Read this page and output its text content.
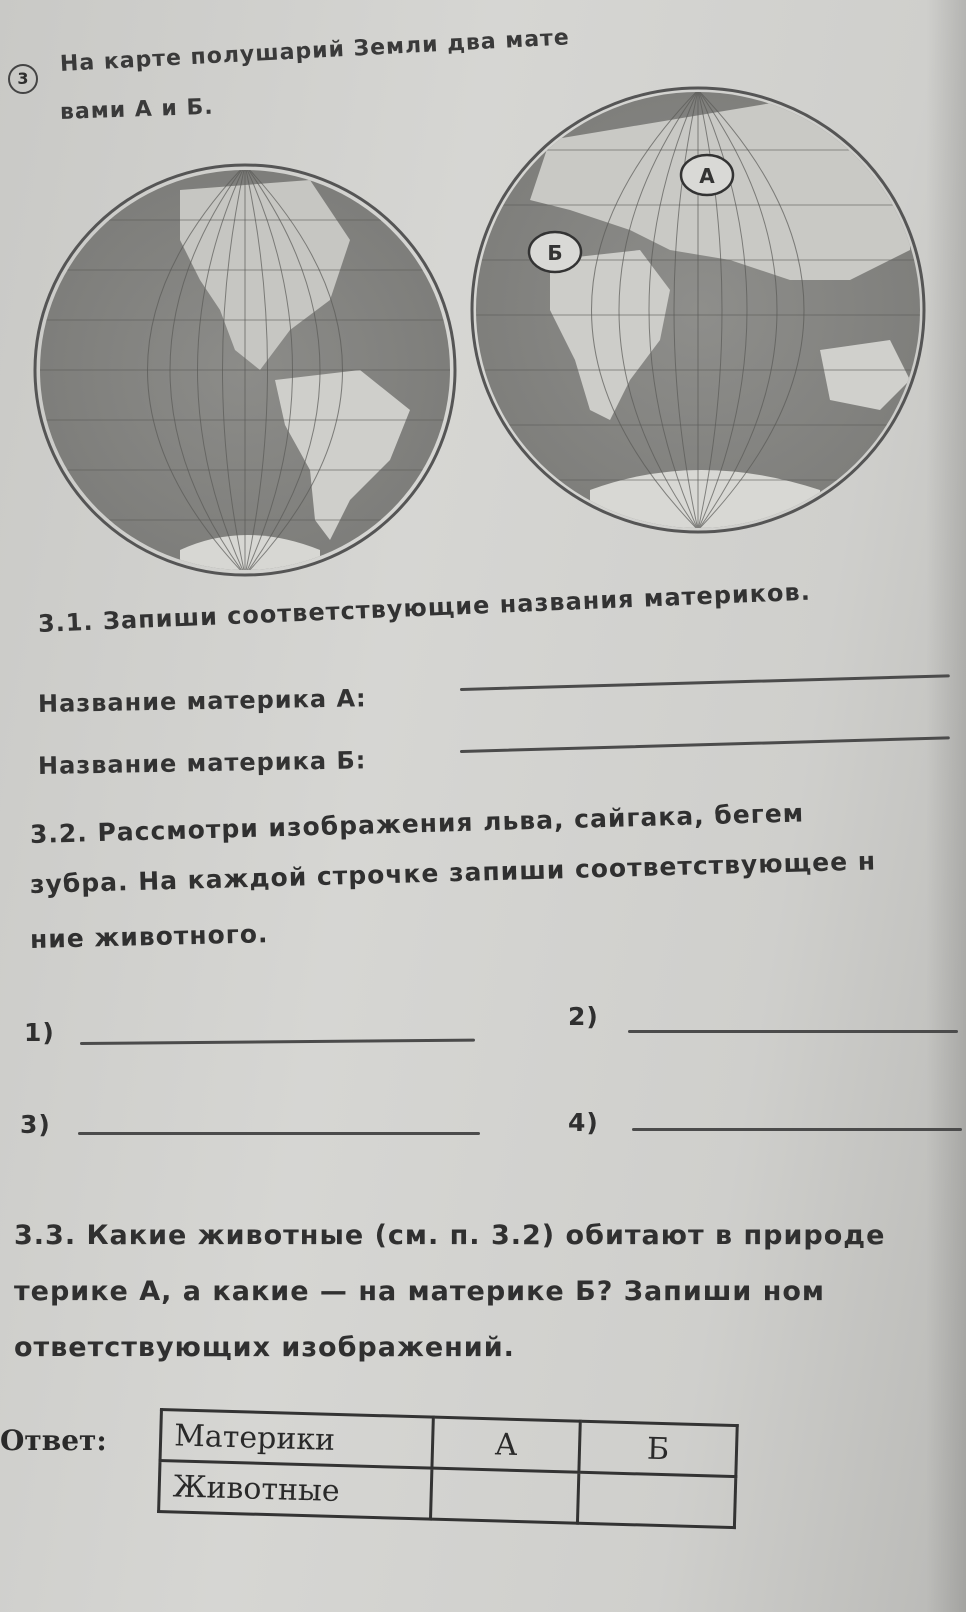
3
На карте полушарий Земли два мате
вами А и Б.
А
Б
3.1. Запиши соответствующие названия материков.
Название материка А:
Название материка Б:
3.2. Рассмотри изображения льва, сайгака, бегем
зубра. На каждой строчке запиши соответствующее н
ние животного.
1)
2)
3)	4)
3.3. Какие животные (см. п. 3.2) обитают в природе
терике А, а какие — на материке Б? Запиши ном
ответствующих изображений.
Ответ: Материки	А	Б
Животные		
